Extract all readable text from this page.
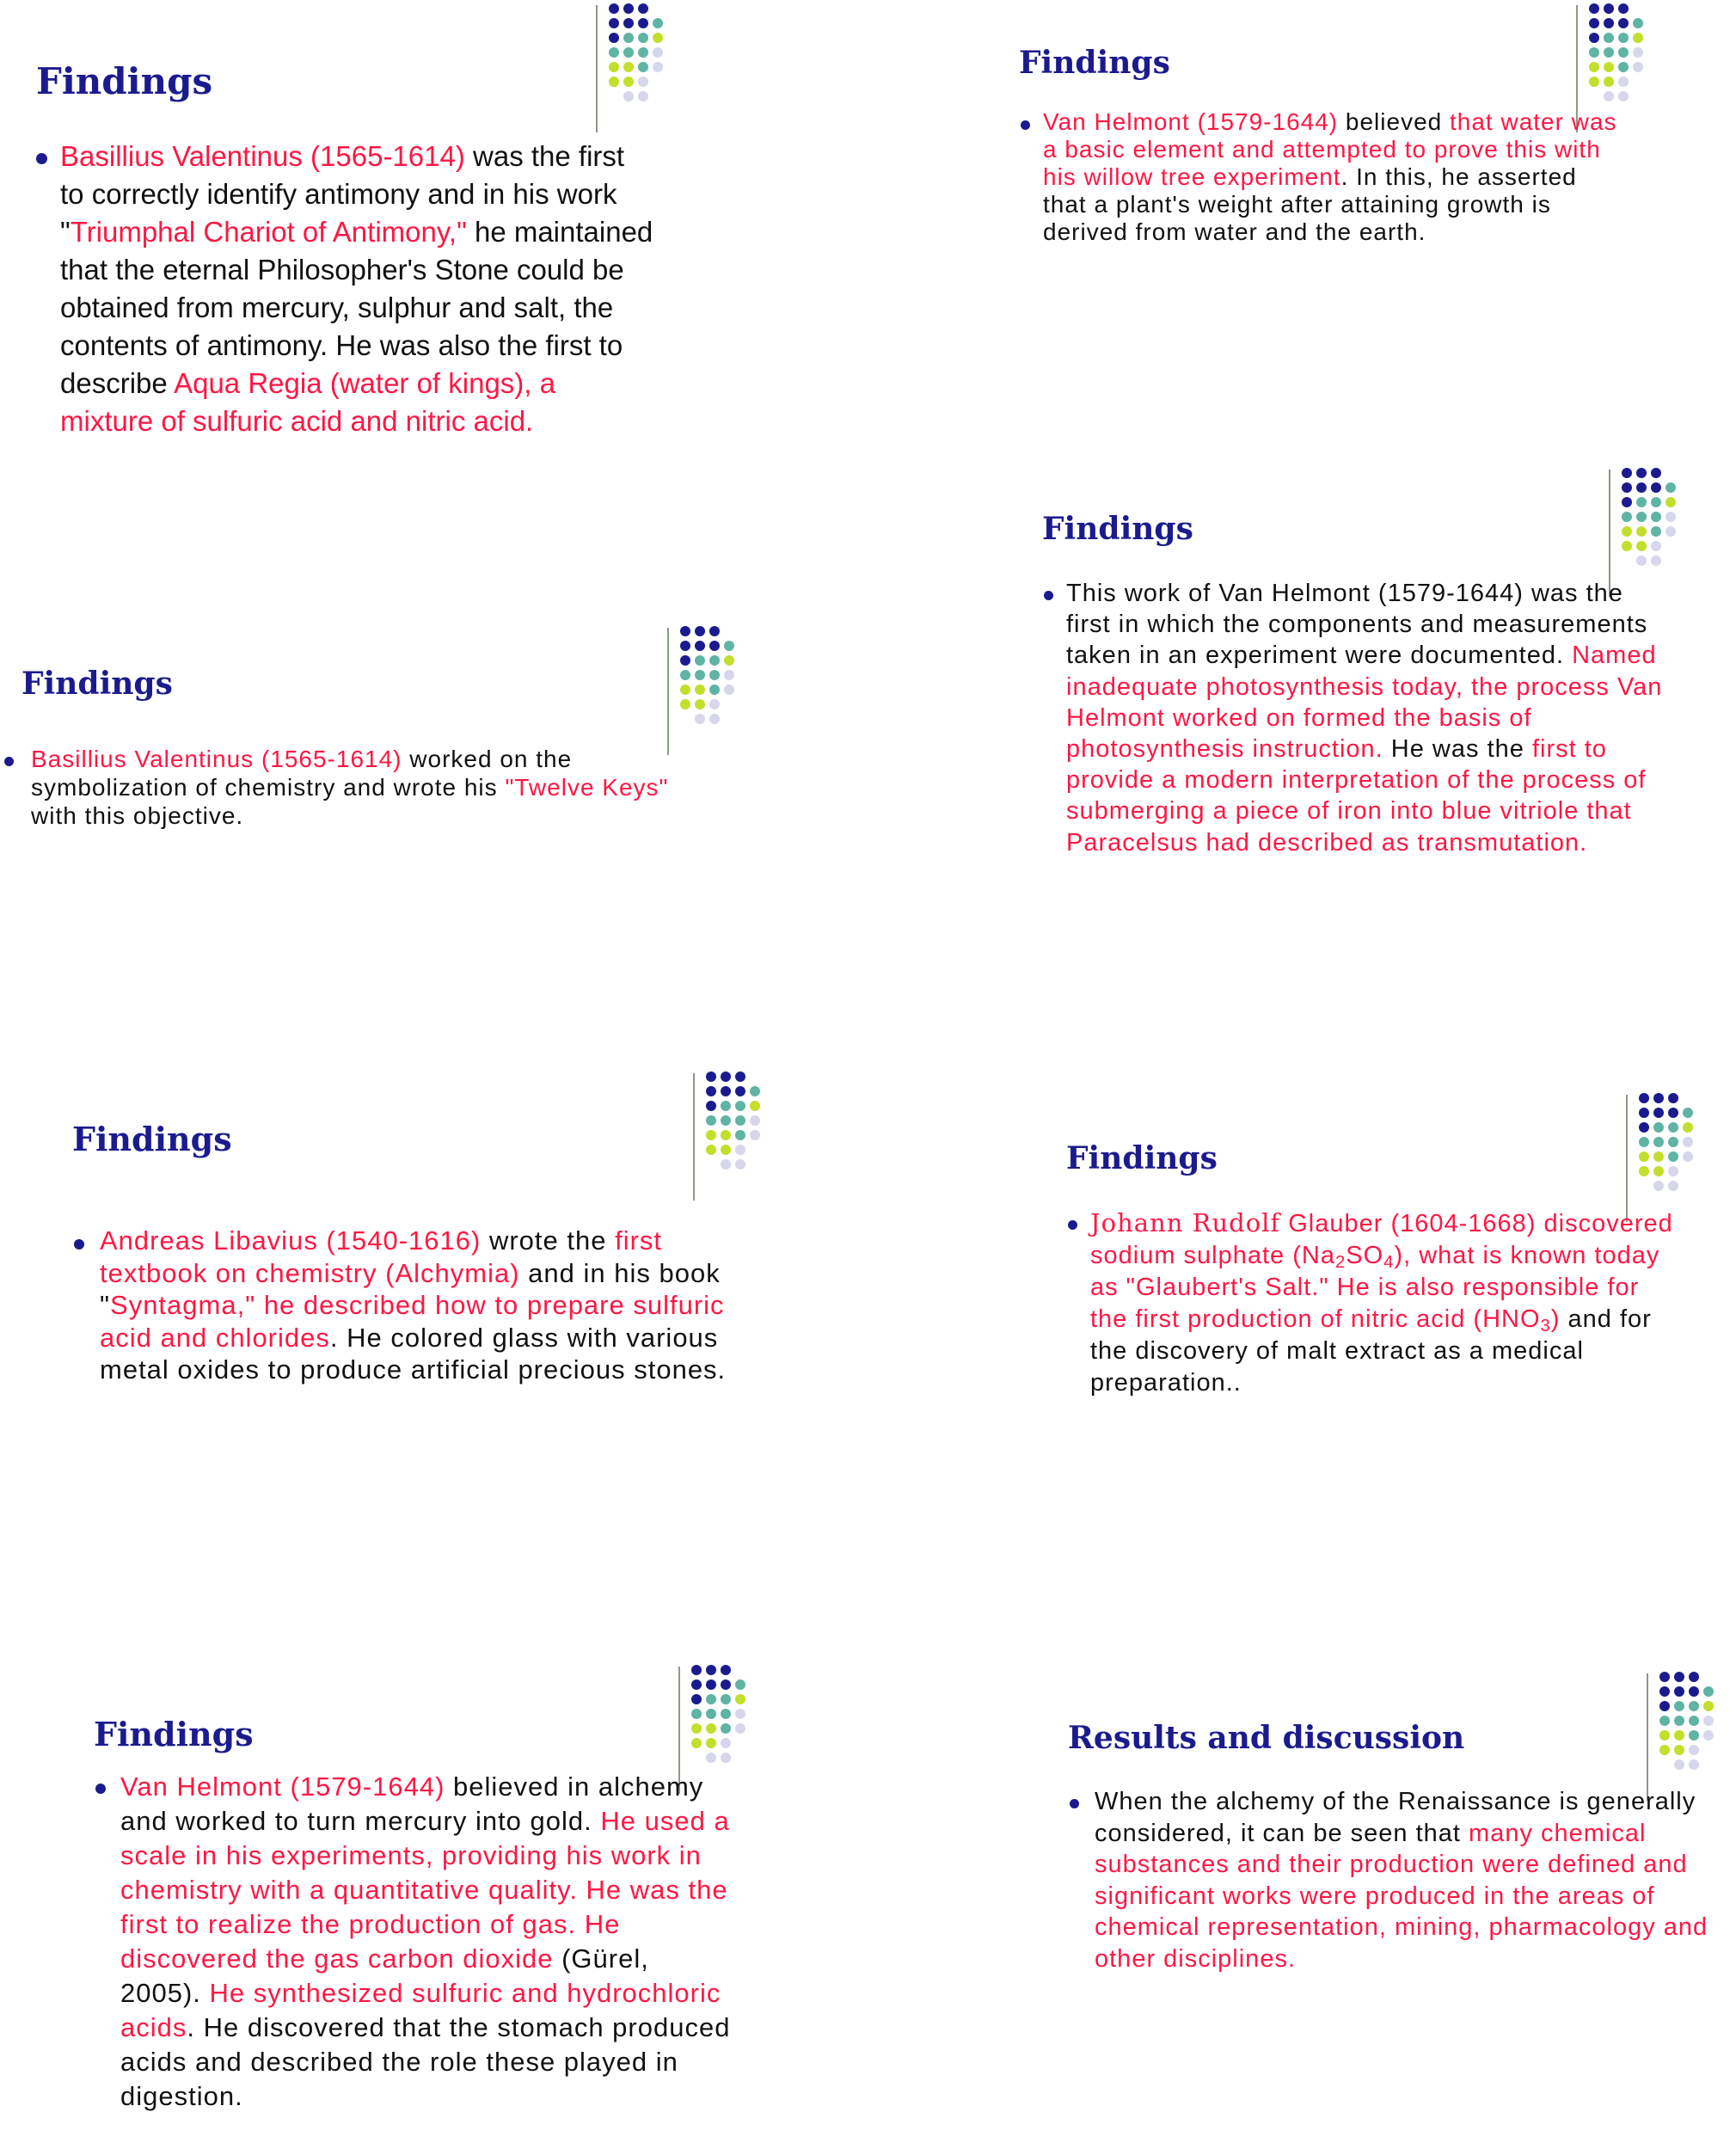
Findings
Basillius Valentinus (1565-1614) was the first to correctly identify antimony and in his work "Triumphal Chariot of Antimony," he maintained that the eternal Philosopher's Stone could be obtained from mercury, sulphur and salt, the contents of antimony. He was also the first to describe Aqua Regia (water of kings), a mixture of sulfuric acid and nitric acid.
Findings
Van Helmont (1579-1644) believed that water was a basic element and attempted to prove this with his willow tree experiment. In this, he asserted that a plant's weight after attaining growth is derived from water and the earth.
Findings
Basillius Valentinus (1565-1614) worked on the symbolization of chemistry and wrote his "Twelve Keys" with this objective.
Findings
This work of Van Helmont (1579-1644) was the first in which the components and measurements taken in an experiment were documented. Named inadequate photosynthesis today, the process Van Helmont worked on formed the basis of photosynthesis instruction. He was the first to provide a modern interpretation of the process of submerging a piece of iron into blue vitriole that Paracelsus had described as transmutation.
Findings
Andreas Libavius (1540-1616) wrote the first textbook on chemistry (Alchymia) and in his book "Syntagma," he described how to prepare sulfuric acid and chlorides. He colored glass with various metal oxides to produce artificial precious stones.
Findings
Johann Rudolf Glauber (1604-1668) discovered sodium sulphate $(Na_2SO_4)$, what is known today as "Glaubert's Salt." He is also responsible for the first production of nitric acid $(HNO_3)$ and for the discovery of malt extract as a medical preparation..
Findings
Van Helmont (1579-1644) believed in alchemy and worked to turn mercury into gold. He used a scale in his experiments, providing his work in chemistry with a quantitative quality. He was the first to realize the production of gas. He discovered the gas carbon dioxide (Gürel, 2005). He synthesized sulfuric and hydrochloric acids. He discovered that the stomach produced acids and described the role these played in digestion.
Results and discussion
When the alchemy of the Renaissance is generally considered, it can be seen that many chemical substances and their production were defined and significant works were produced in the areas of chemical representation, mining, pharmacology and other disciplines.
